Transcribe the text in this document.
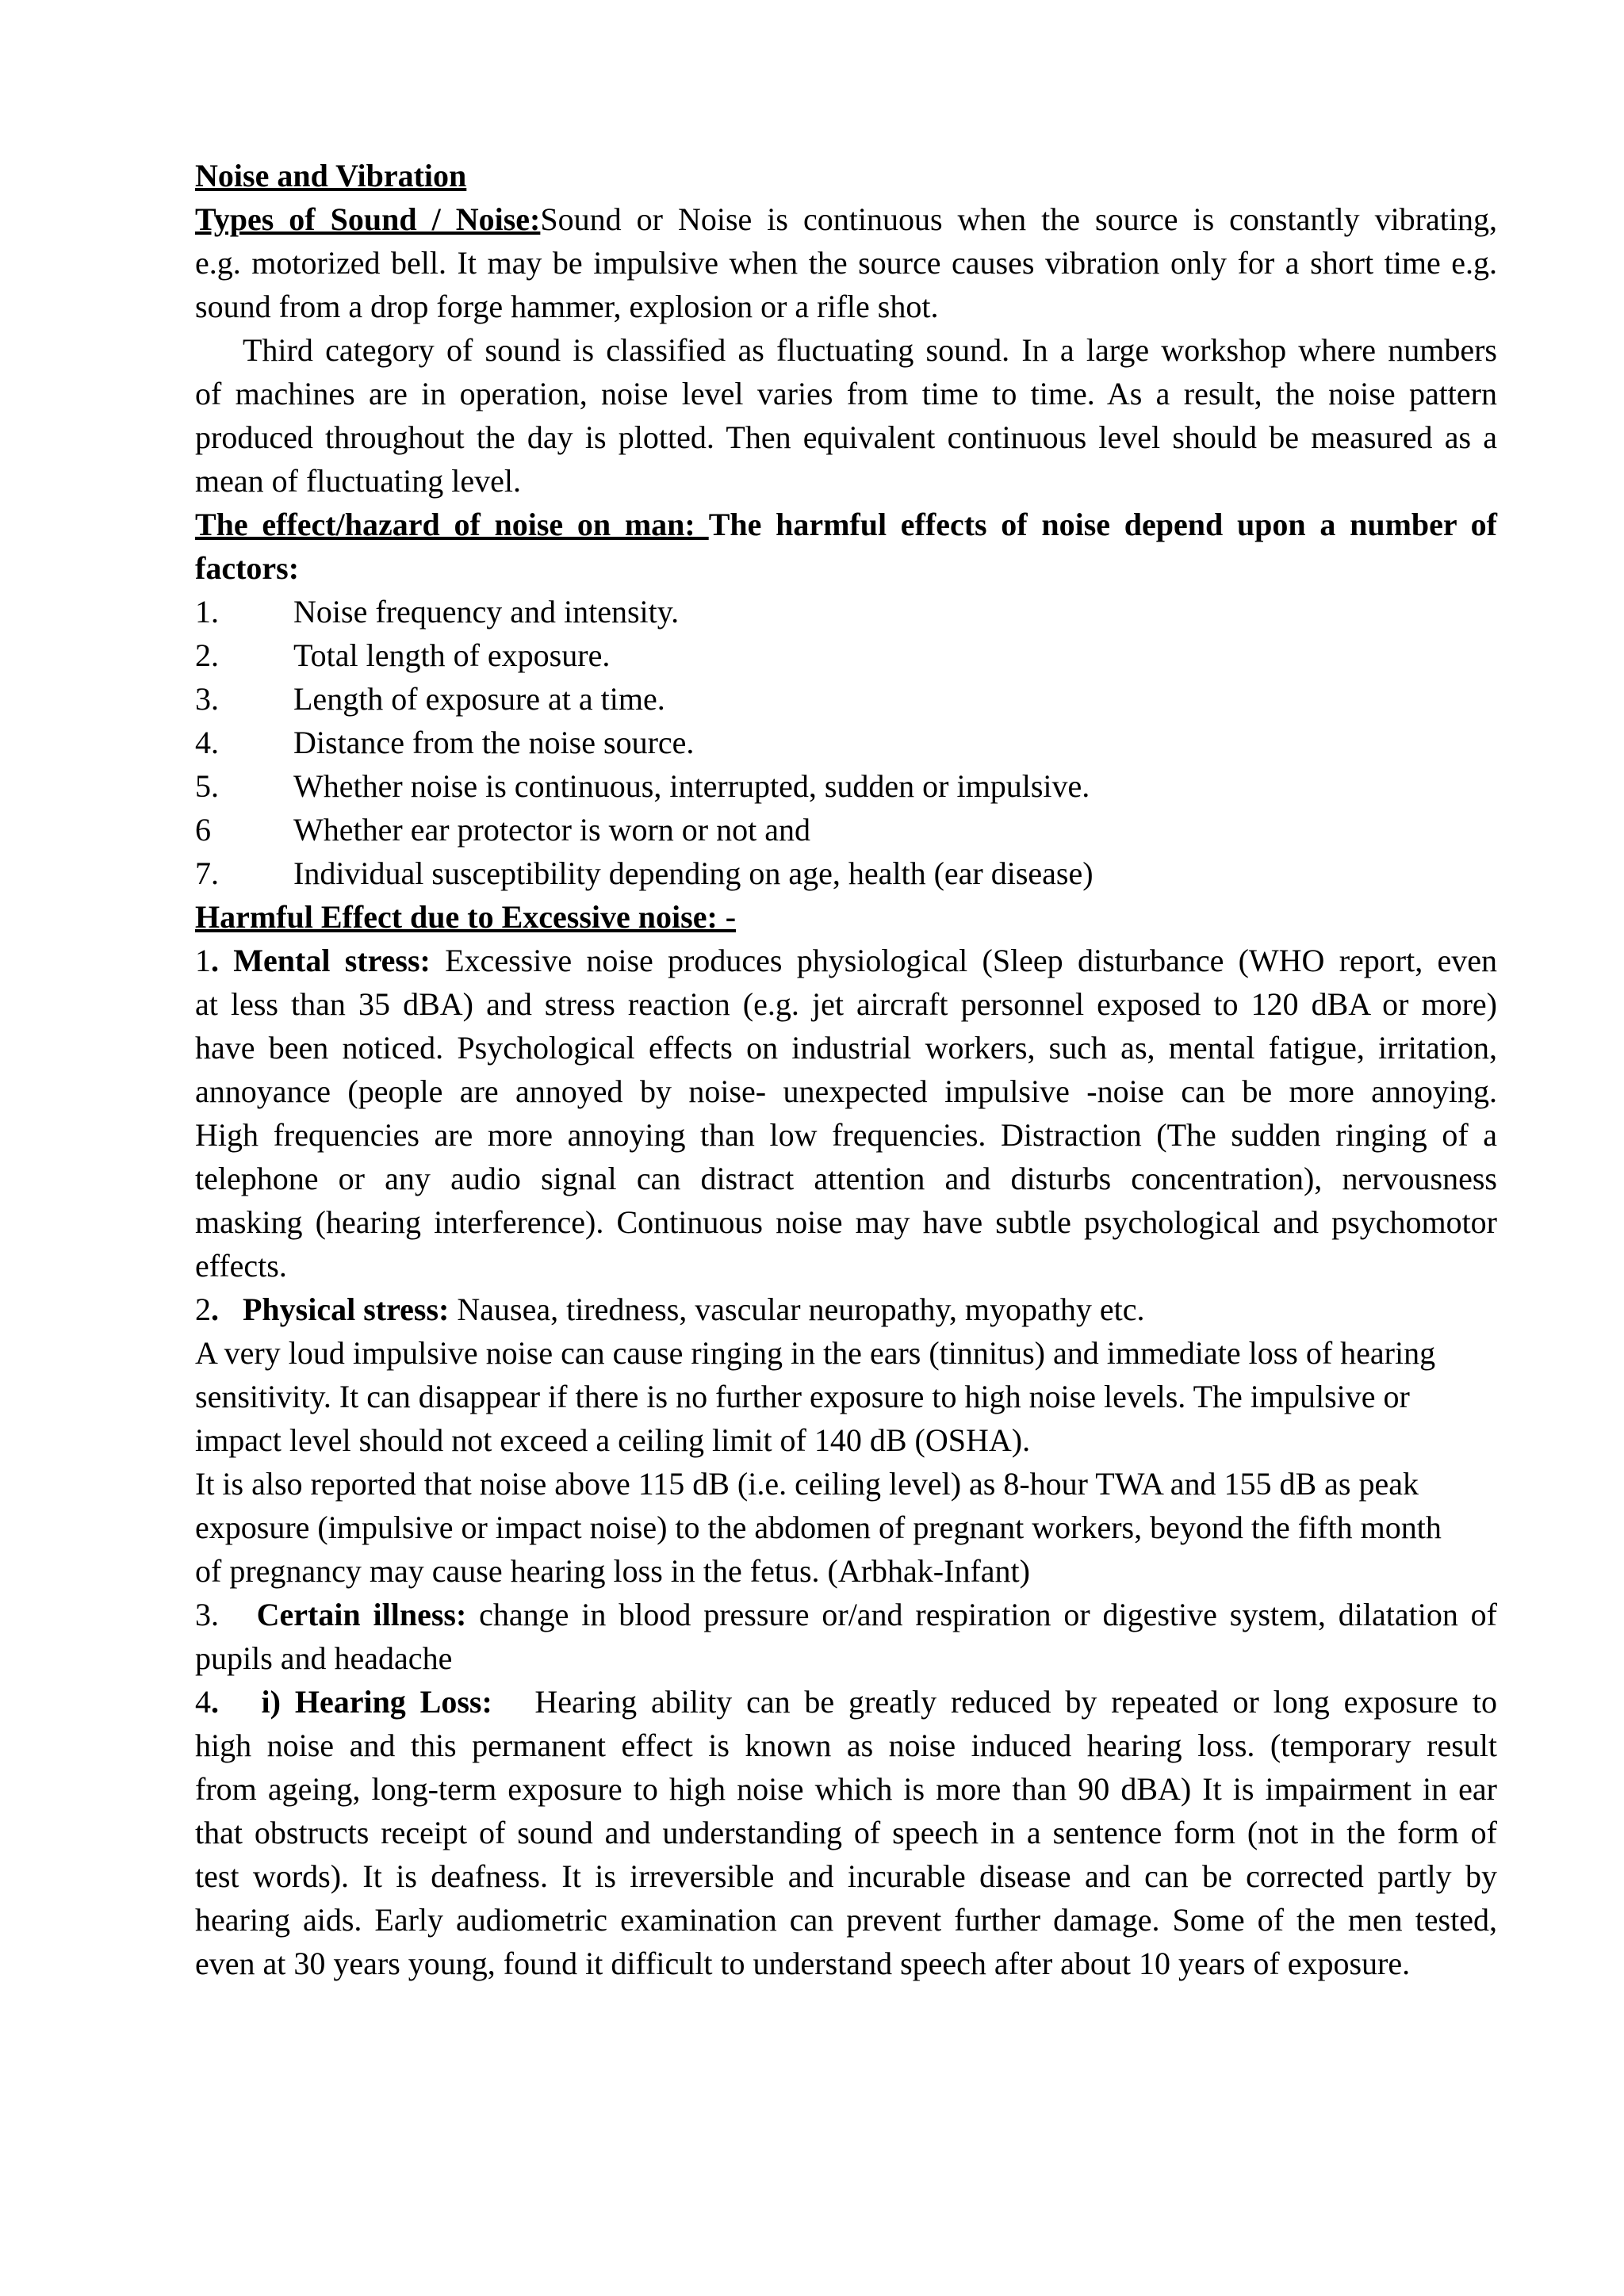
Noise and Vibration
Types of Sound / Noise:Sound or Noise is continuous when the source is constantly vibrating,
e.g. motorized bell. It may be impulsive when the source causes vibration only for a short time e.g.
sound from a drop forge hammer, explosion or a rifle shot.
Third category of sound is classified as fluctuating sound. In a large workshop where numbers
of machines are in operation, noise level varies from time to time. As a result, the noise pattern
produced throughout the day is plotted. Then equivalent continuous level should be measured as a
mean of fluctuating level.
The effect/hazard of noise on man: The harmful effects of noise depend upon a number of
factors:
1. Noise frequency and intensity.
2. Total length of exposure.
3. Length of exposure at a time.
4. Distance from the noise source.
5. Whether noise is continuous, interrupted, sudden or impulsive.
6	Whether ear protector is worn or not and
7. Individual susceptibility depending on age, health (ear disease)
Harmful Effect due to Excessive noise: -
1. Mental stress: Excessive noise produces physiological (Sleep disturbance (WHO report, even
at less than 35 dBA) and stress reaction (e.g. jet aircraft personnel exposed to 120 dBA or more)
have been noticed. Psychological effects on industrial workers, such as, mental fatigue, irritation,
annoyance (people are annoyed by noise- unexpected impulsive -noise can be more annoying.
High frequencies are more annoying than low frequencies. Distraction (The sudden ringing of a
telephone or any audio signal can distract attention and disturbs concentration), nervousness
masking (hearing interference). Continuous noise may have subtle psychological and psychomotor
effects.
2.   Physical stress: Nausea, tiredness, vascular neuropathy, myopathy etc.
A very loud impulsive noise can cause ringing in the ears (tinnitus) and immediate loss of hearing
sensitivity. It can disappear if there is no further exposure to high noise levels. The impulsive or
impact level should not exceed a ceiling limit of 140 dB (OSHA).
It is also reported that noise above 115 dB (i.e. ceiling level) as 8-hour TWA and 155 dB as peak
exposure (impulsive or impact noise) to the abdomen of pregnant workers, beyond the fifth month
of pregnancy may cause hearing loss in the fetus. (Arbhak-Infant)
3.   Certain illness: change in blood pressure or/and respiration or digestive system, dilatation of
pupils and headache
4.   i) Hearing Loss:   Hearing ability can be greatly reduced by repeated or long exposure to
high noise and this permanent effect is known as noise induced hearing loss. (temporary result
from ageing, long-term exposure to high noise which is more than 90 dBA) It is impairment in ear
that obstructs receipt of sound and understanding of speech in a sentence form (not in the form of
test words). It is deafness. It is irreversible and incurable disease and can be corrected partly by
hearing aids. Early audiometric examination can prevent further damage. Some of the men tested,
even at 30 years young, found it difficult to understand speech after about 10 years of exposure.
